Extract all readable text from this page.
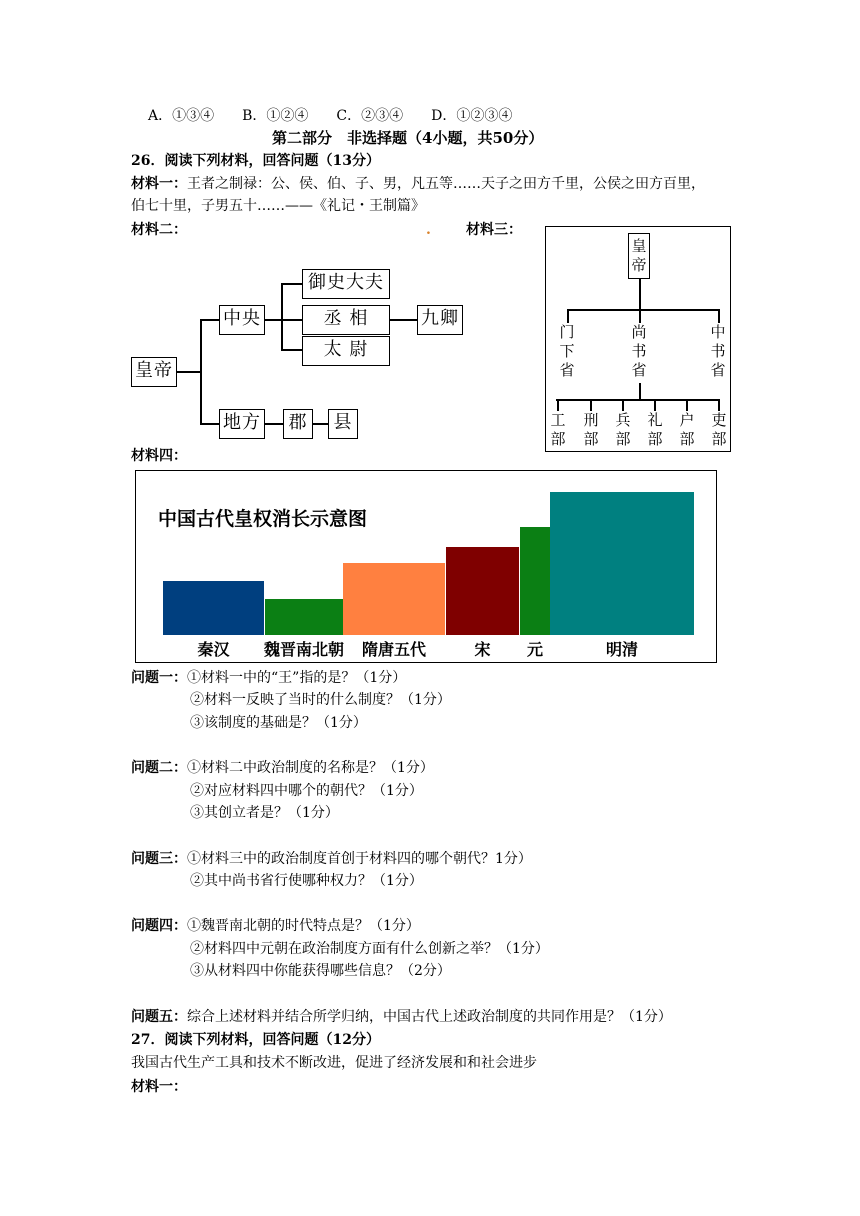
A．①③④　　B．①②④　　C．②③④　　D．①②③④
第二部分　非选择题（4小题，共50分）
26．阅读下列材料，回答问题（13分）
材料一：王者之制禄：公、侯、伯、子、男，凡五等……天子之田方千里，公侯之田方百里，
伯七十里，子男五十……——《礼记・王制篇》
材料二：	.	材料三：
皇帝
中央
御史大夫
丞 相
太 尉
九卿
地方	郡	县
皇帝
门下省
尚书省
中书省
工部
刑部
兵部
礼部
户部
吏部
材料四：
中国古代皇权消长示意图
秦汉	魏晋南北朝	隋唐五代	宋	元	明清
问题一：①材料一中的“王”指的是？（1分）
②材料一反映了当时的什么制度？（1分）
③该制度的基础是？（1分）
问题二：①材料二中政治制度的名称是？（1分）
②对应材料四中哪个的朝代？（1分）
③其创立者是？（1分）
问题三：①材料三中的政治制度首创于材料四的哪个朝代？1分）
②其中尚书省行使哪种权力？（1分）
问题四：①魏晋南北朝的时代特点是？（1分）
②材料四中元朝在政治制度方面有什么创新之举？（1分）
③从材料四中你能获得哪些信息？（2分）
问题五：综合上述材料并结合所学归纳，中国古代上述政治制度的共同作用是？（1分）
27．阅读下列材料，回答问题（12分）
我国古代生产工具和技术不断改进，促进了经济发展和和社会进步
材料一：
